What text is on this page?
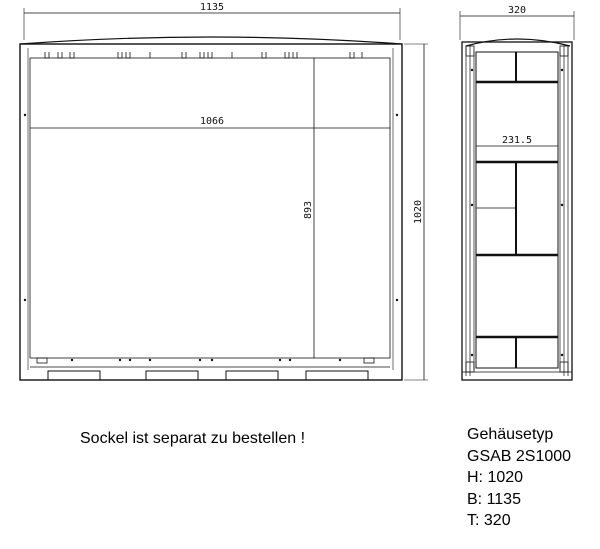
1135
1066
893	1020
320
231.5
Sockel ist separat zu bestellen !	Gehäusetyp
GSAB 2S1000
H: 1020
B: 1135
T: 320
